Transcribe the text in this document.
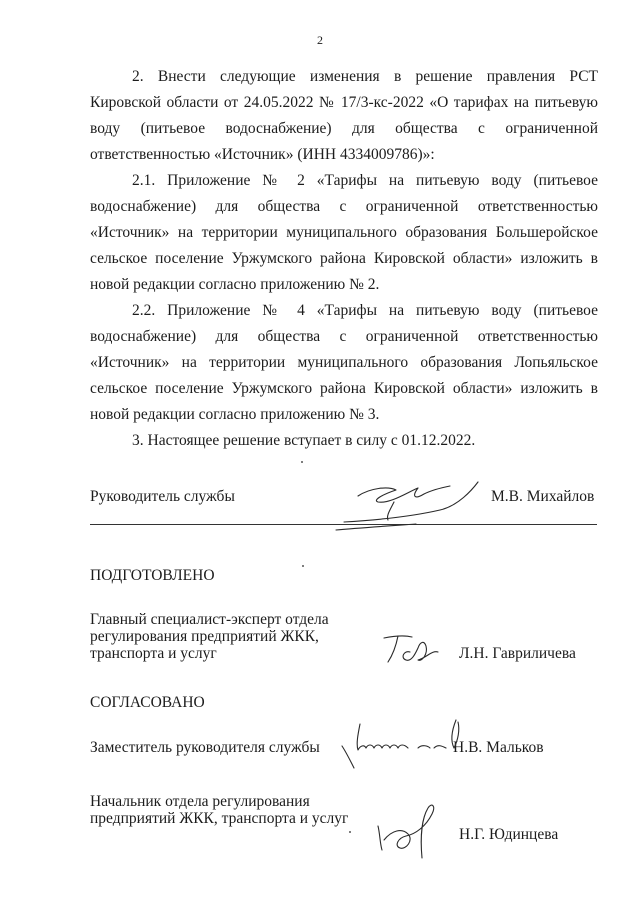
2

2. Внести следующие изменения в решение правления РСТ Кировской области от 24.05.2022 № 17/3-кс-2022 «О тарифах на питьевую воду (питьевое водоснабжение) для общества с ограниченной ответственностью «Источник» (ИНН 4334009786)»:

2.1. Приложение № 2 «Тарифы на питьевую воду (питьевое водоснабжение) для общества с ограниченной ответственностью «Источник» на территории муниципального образования Большеройское сельское поселение Уржумского района Кировской области» изложить в новой редакции согласно приложению № 2.

2.2. Приложение № 4 «Тарифы на питьевую воду (питьевое водоснабжение) для общества с ограниченной ответственностью «Источник» на территории муниципального образования Лопьяльское сельское поселение Уржумского района Кировской области» изложить в новой редакции согласно приложению № 3.

3. Настоящее решение вступает в силу с 01.12.2022.

Руководитель службы	М.В. Михайлов
ПОДГОТОВЛЕНО
Главный специалист-эксперт отдела регулирования предприятий ЖКК, транспорта и услуг	Л.Н. Гавриличева
СОГЛАСОВАНО
Заместитель руководителя службы	Н.В. Мальков
Начальник отдела регулирования предприятий ЖКК, транспорта и услуг
Н.Г. Юдинцева
